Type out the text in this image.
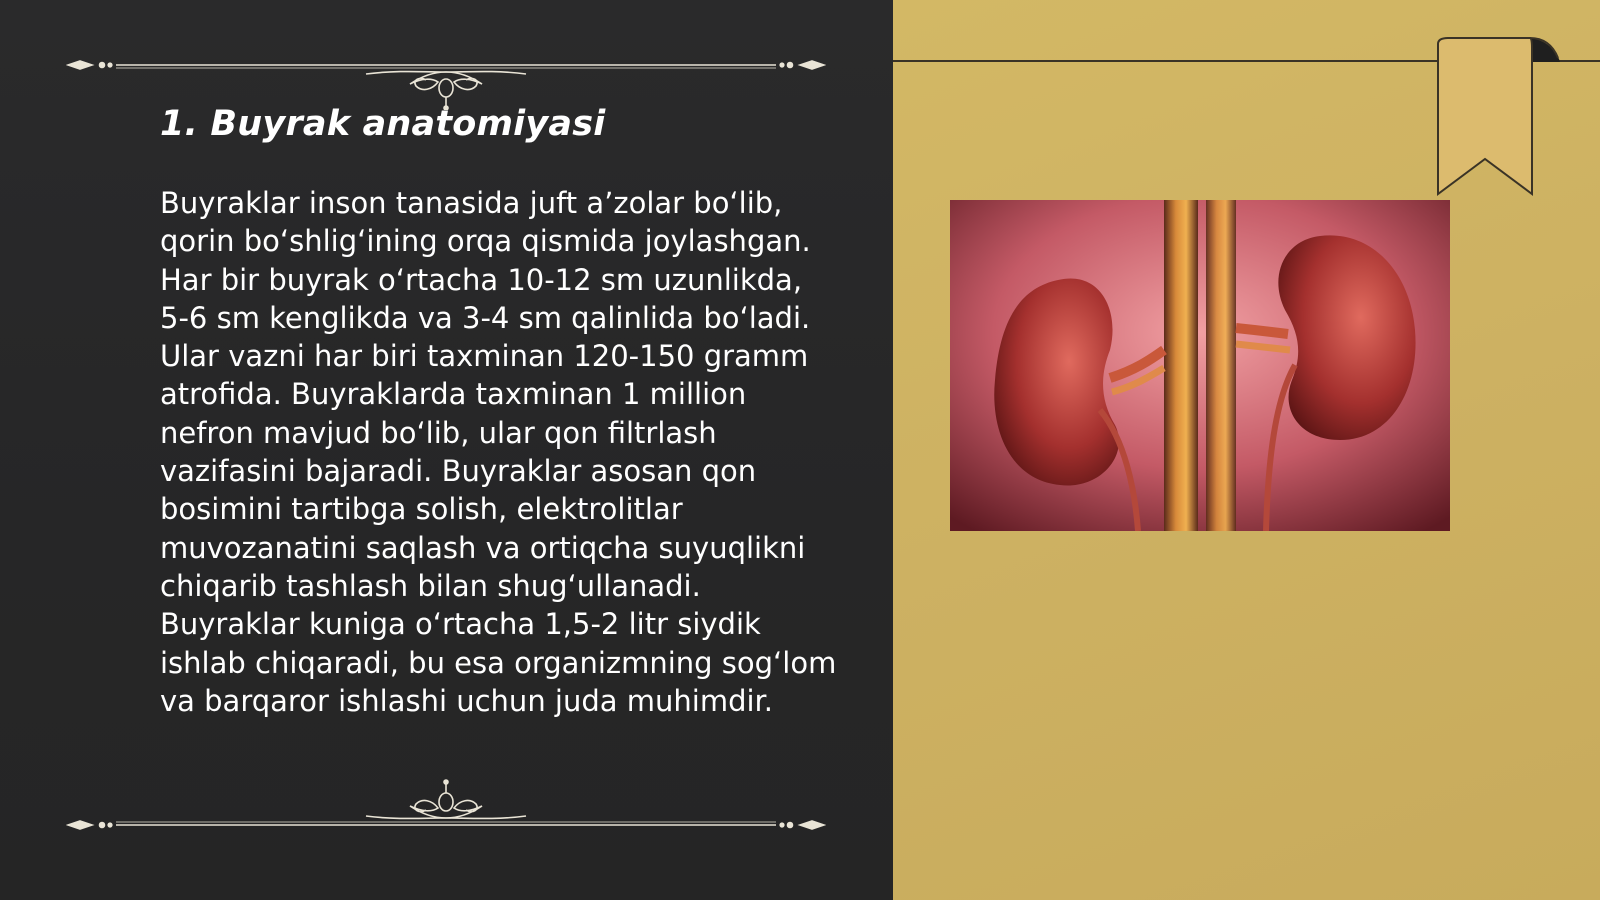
1. Buyrak anatomiyasi
Buyraklar inson tanasida juft a’zolar bo‘lib, qorin bo‘shlig‘ining orqa qismida joylashgan. Har bir buyrak o‘rtacha 10-12 sm uzunlikda, 5-6 sm kenglikda va 3-4 sm qalinlida bo‘ladi. Ular vazni har biri taxminan 120-150 gramm atrofida. Buyraklarda taxminan 1 million nefron mavjud bo‘lib, ular qon filtrlash vazifasini bajaradi. Buyraklar asosan qon bosimini tartibga solish, elektrolitlar muvozanatini saqlash va ortiqcha suyuqlikni chiqarib tashlash bilan shug‘ullanadi. Buyraklar kuniga o‘rtacha 1,5-2 litr siydik ishlab chiqaradi, bu esa organizmning sog‘lom va barqaror ishlashi uchun juda muhimdir.
